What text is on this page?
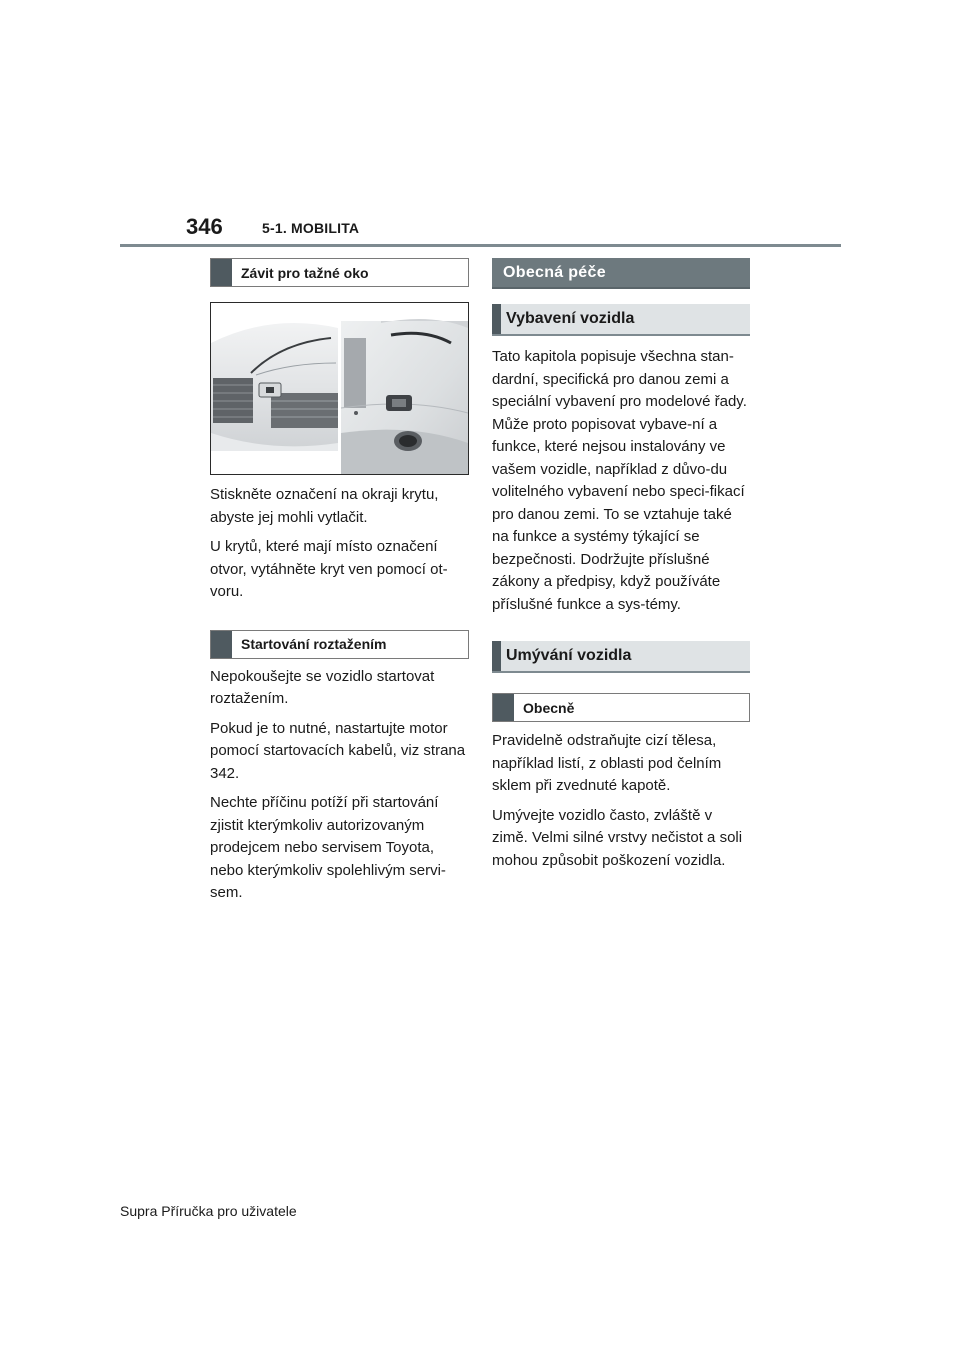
346	5-1. MOBILITA
Závit pro tažné oko

Stiskněte označení na okraji krytu, abyste jej mohli vytlačit.

U krytů, které mají místo označení otvor, vytáhněte kryt ven pomocí ot-voru.

Startování roztažením

Nepokoušejte se vozidlo startovat roztažením.

Pokud je to nutné, nastartujte motor pomocí startovacích kabelů, viz strana 342.

Nechte příčinu potíží při startování zjistit kterýmkoliv autorizovaným prodejcem nebo servisem Toyota, nebo kterýmkoliv spolehlivým servi-sem.

Obecná péče
Vybavení vozidla

Tato kapitola popisuje všechna stan-dardní, specifická pro danou zemi a speciální vybavení pro modelové řady. Může proto popisovat vybave-ní a funkce, které nejsou instalovány ve vašem vozidle, například z důvo-du volitelného vybavení nebo speci-fikací pro danou zemi. To se vztahuje také na funkce a systémy týkající se bezpečnosti. Dodržujte příslušné zákony a předpisy, když používáte příslušné funkce a sys-témy.

Umývání vozidla
Obecně

Pravidelně odstraňujte cizí tělesa, například listí, z oblasti pod čelním sklem při zvednuté kapotě.

Umývejte vozidlo často, zvláště v zimě. Velmi silné vrstvy nečistot a soli mohou způsobit poškození vozidla.

Supra Příručka pro uživatele
